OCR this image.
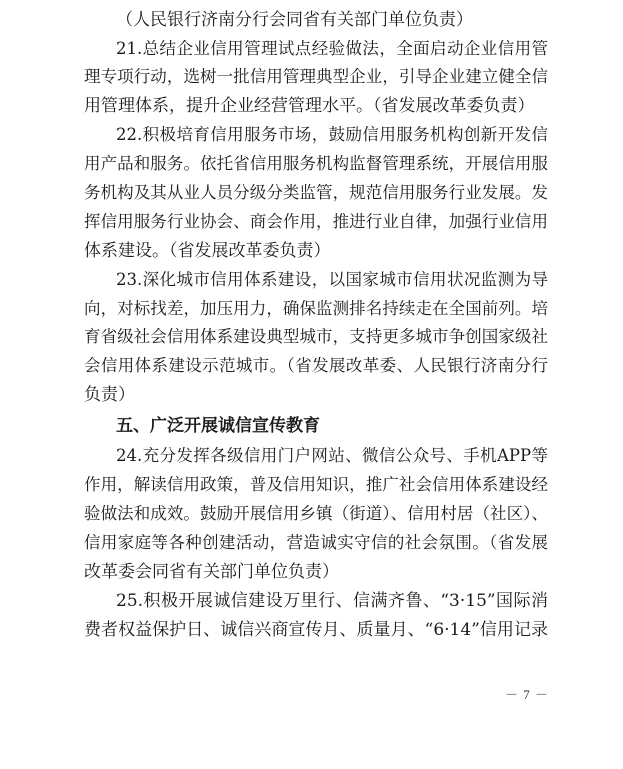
（人民银行济南分行会同省有关部门单位负责）
21.总结企业信用管理试点经验做法，全面启动企业信用管
理专项行动，选树一批信用管理典型企业，引导企业建立健全信
用管理体系，提升企业经营管理水平。（省发展改革委负责）
22.积极培育信用服务市场，鼓励信用服务机构创新开发信
用产品和服务。依托省信用服务机构监督管理系统，开展信用服
务机构及其从业人员分级分类监管，规范信用服务行业发展。发
挥信用服务行业协会、商会作用，推进行业自律，加强行业信用
体系建设。（省发展改革委负责）
23.深化城市信用体系建设，以国家城市信用状况监测为导
向，对标找差，加压用力，确保监测排名持续走在全国前列。培
育省级社会信用体系建设典型城市，支持更多城市争创国家级社
会信用体系建设示范城市。（省发展改革委、人民银行济南分行
负责）
五、广泛开展诚信宣传教育
24.充分发挥各级信用门户网站、微信公众号、手机APP等
作用，解读信用政策，普及信用知识，推广社会信用体系建设经
验做法和成效。鼓励开展信用乡镇（街道）、信用村居（社区）、
信用家庭等各种创建活动，营造诚实守信的社会氛围。（省发展
改革委会同省有关部门单位负责）
25.积极开展诚信建设万里行、信满齐鲁、“3·15”国际消
费者权益保护日、诚信兴商宣传月、质量月、“6·14”信用记录
－ 7 －
